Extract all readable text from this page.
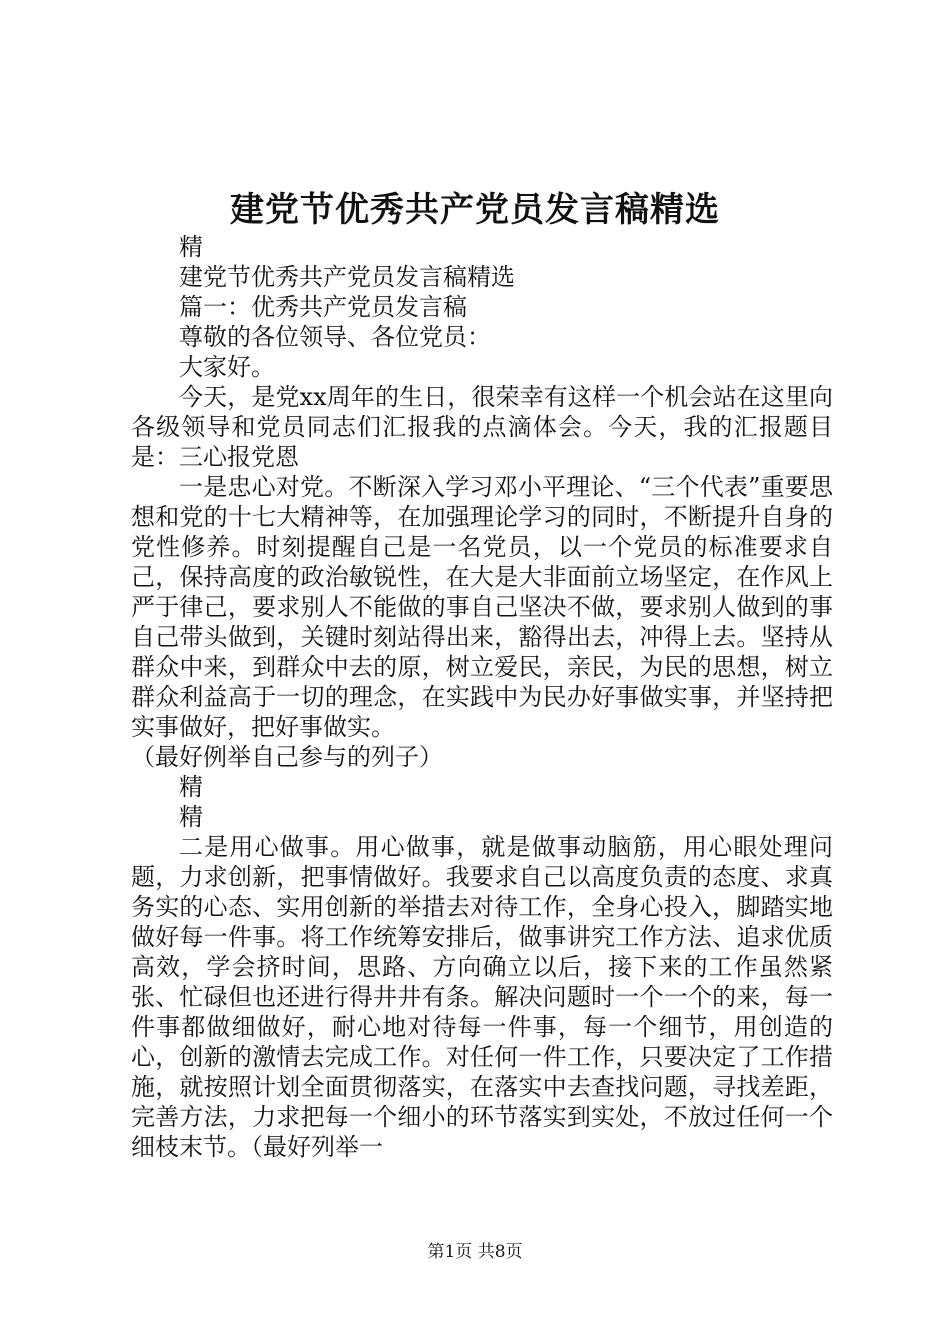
建党节优秀共产党员发言稿精选

精

建党节优秀共产党员发言稿精选

篇一：优秀共产党员发言稿

尊敬的各位领导、各位党员：

大家好。

今天，是党xx周年的生日，很荣幸有这样一个机会站在这里向各级领导和党员同志们汇报我的点滴体会。今天，我的汇报题目是：三心报党恩

一是忠心对党。不断深入学习邓小平理论、“三个代表”重要思想和党的十七大精神等，在加强理论学习的同时，不断提升自身的党性修养。时刻提醒自己是一名党员，以一个党员的标准要求自己，保持高度的政治敏锐性，在大是大非面前立场坚定，在作风上严于律己，要求别人不能做的事自己坚决不做，要求别人做到的事自己带头做到，关键时刻站得出来，豁得出去，冲得上去。坚持从群众中来，到群众中去的原，树立爱民，亲民，为民的思想，树立群众利益高于一切的理念，在实践中为民办好事做实事，并坚持把实事做好，把好事做实。

（最好例举自己参与的列子）

精

精

二是用心做事。用心做事，就是做事动脑筋，用心眼处理问题，力求创新，把事情做好。我要求自己以高度负责的态度、求真务实的心态、实用创新的举措去对待工作，全身心投入，脚踏实地做好每一件事。将工作统筹安排后，做事讲究工作方法、追求优质高效，学会挤时间，思路、方向确立以后，接下来的工作虽然紧张、忙碌但也还进行得井井有条。解决问题时一个一个的来，每一件事都做细做好，耐心地对待每一件事，每一个细节，用创造的心，创新的激情去完成工作。对任何一件工作，只要决定了工作措施，就按照计划全面贯彻落实，在落实中去查找问题，寻找差距，完善方法，力求把每一个细小的环节落实到实处，不放过任何一个细枝末节。（最好列举一

第1页 共8页
